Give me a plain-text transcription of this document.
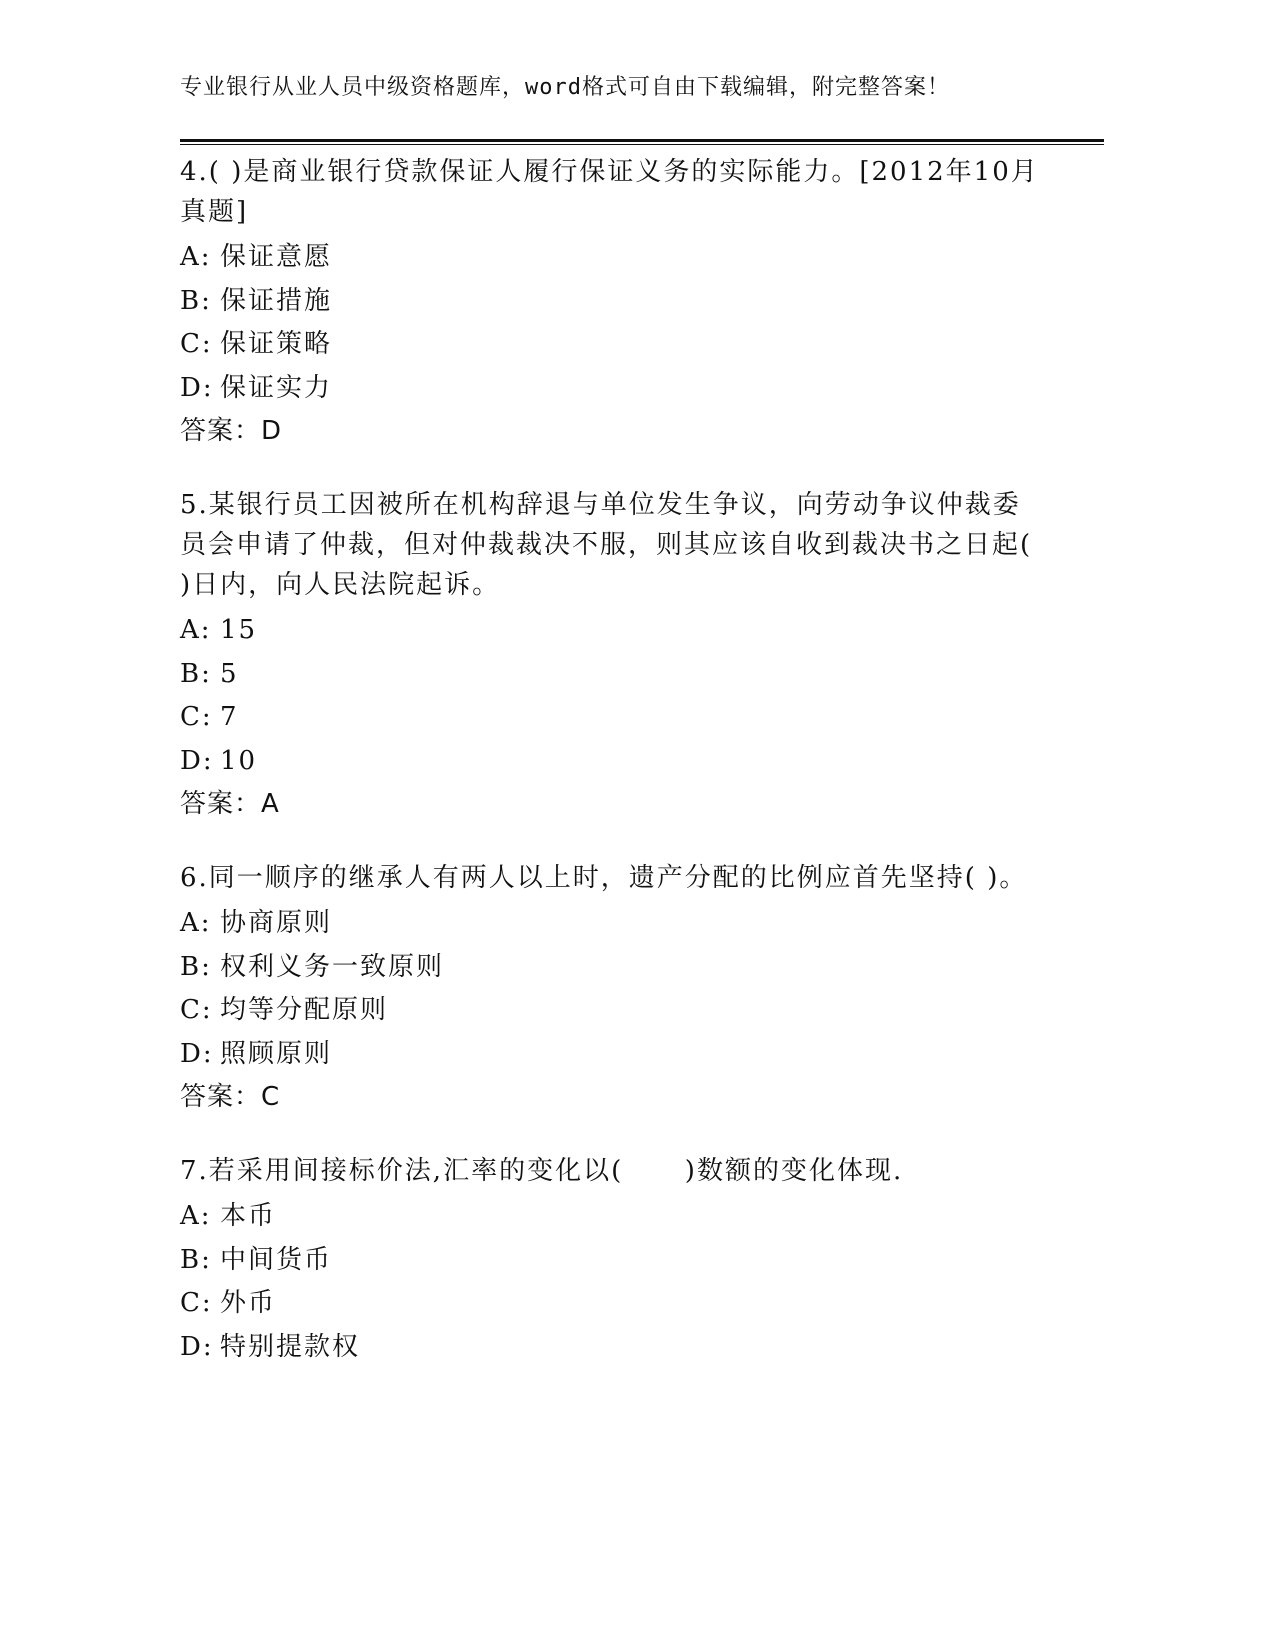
专业银行从业人员中级资格题库，word格式可自由下载编辑，附完整答案！
4.( )是商业银行贷款保证人履行保证义务的实际能力。[2012年10月真题]
A: 保证意愿
B: 保证措施
C: 保证策略
D: 保证实力
答案：D
5.某银行员工因被所在机构辞退与单位发生争议，向劳动争议仲裁委员会申请了仲裁，但对仲裁裁决不服，则其应该自收到裁决书之日起( )日内，向人民法院起诉。
A: 15
B: 5
C: 7
D: 10
答案：A
6.同一顺序的继承人有两人以上时，遗产分配的比例应首先坚持( )。
A: 协商原则
B: 权利义务一致原则
C: 均等分配原则
D: 照顾原则
答案：C
7.若采用间接标价法,汇率的变化以(      )数额的变化体现.
A: 本币
B: 中间货币
C: 外币
D: 特别提款权
